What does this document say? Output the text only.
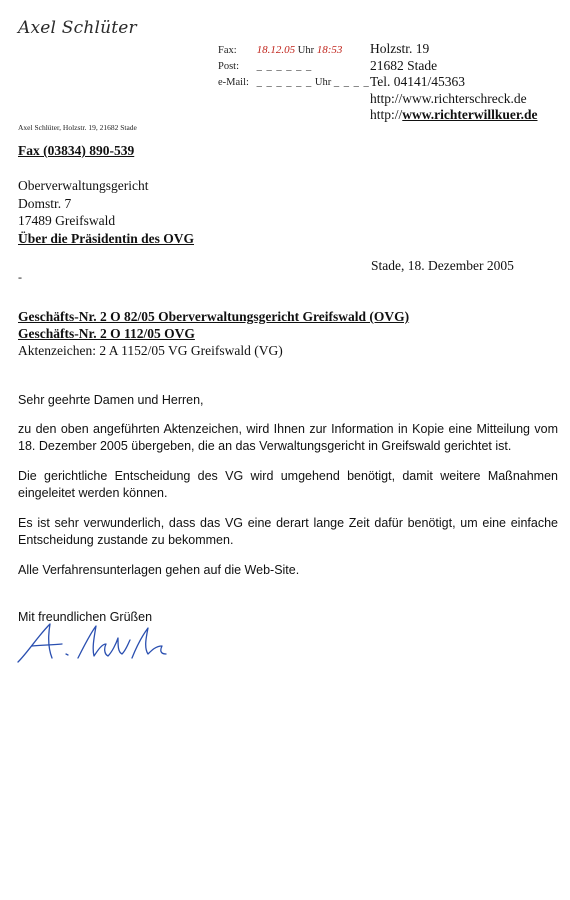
Axel Schlüter
Fax: 18.12.05 Uhr 18:53
Post: _ _ _ _ _ _
e-Mail: _ _ _ _ _ _ Uhr _ _ _ _
Holzstr. 19
21682 Stade
Tel. 04141/45363
http://www.richterschreck.de
http://www.richterwillkuer.de
Axel Schlüter, Holzstr. 19, 21682 Stade
Fax (03834) 890-539
Oberverwaltungsgericht
Domstr. 7
17489 Greifswald
Über die Präsidentin des OVG
Stade, 18. Dezember 2005
-
Geschäfts-Nr. 2 O 82/05 Oberverwaltungsgericht Greifswald (OVG)
Geschäfts-Nr. 2 O 112/05 OVG
Aktenzeichen: 2 A 1152/05 VG Greifswald (VG)

Sehr geehrte Damen und Herren,

zu den oben angeführten Aktenzeichen, wird Ihnen zur Information in Kopie eine Mitteilung vom 18. Dezember 2005 übergeben, die an das Verwaltungsgericht in Greifswald gerichtet ist.

Die gerichtliche Entscheidung des VG wird umgehend benötigt, damit weitere Maßnahmen eingeleitet werden können.

Es ist sehr verwunderlich, dass das VG eine derart lange Zeit dafür benötigt, um eine einfache Entscheidung zustande zu bekommen.

Alle Verfahrensunterlagen gehen auf die Web-Site.

Mit freundlichen Grüßen
